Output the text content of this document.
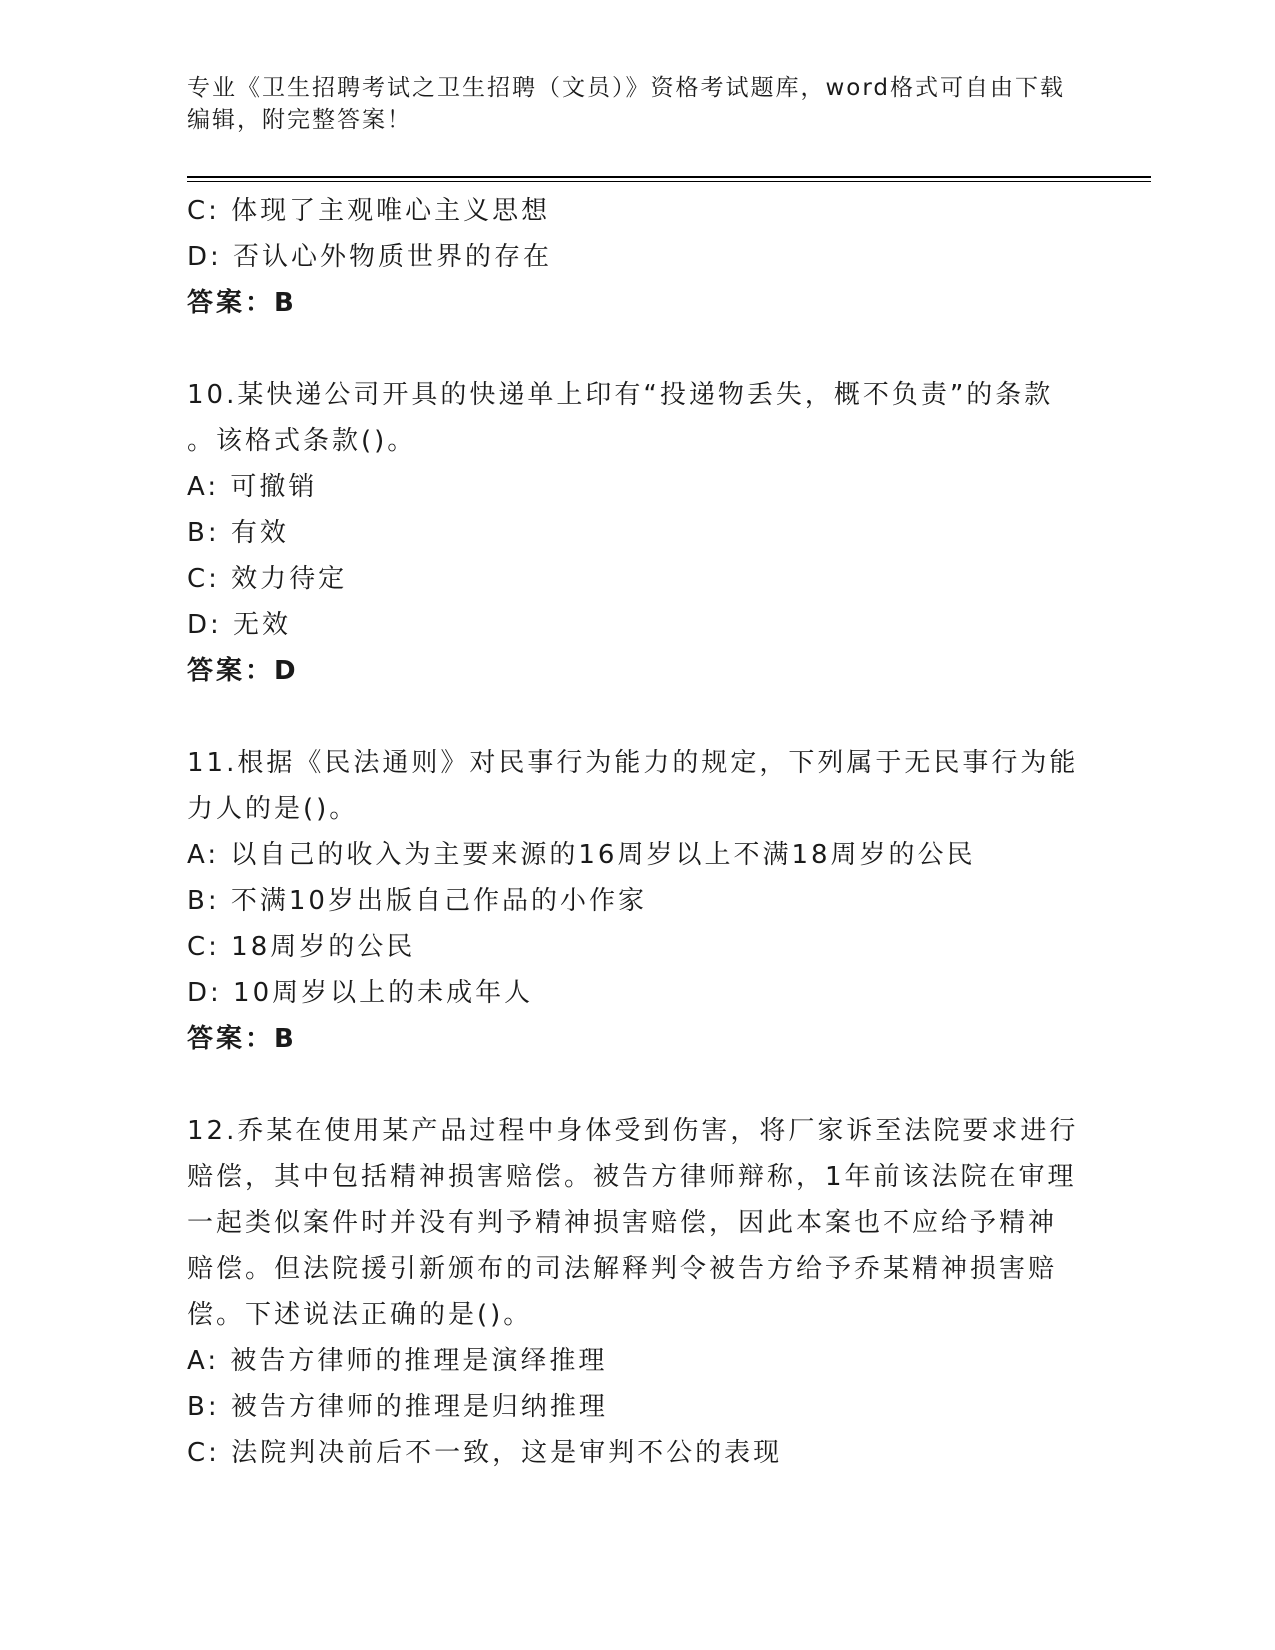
专业《卫生招聘考试之卫生招聘（文员）》资格考试题库，word格式可自由下载
编辑，附完整答案！
C: 体现了主观唯心主义思想
D: 否认心外物质世界的存在
答案：B
10.某快递公司开具的快递单上印有“投递物丢失，概不负责”的条款
。该格式条款()。
A: 可撤销
B: 有效
C: 效力待定
D: 无效
答案：D
11.根据《民法通则》对民事行为能力的规定，下列属于无民事行为能
力人的是()。
A: 以自己的收入为主要来源的16周岁以上不满18周岁的公民
B: 不满10岁出版自己作品的小作家
C: 18周岁的公民
D: 10周岁以上的未成年人
答案：B
12.乔某在使用某产品过程中身体受到伤害，将厂家诉至法院要求进行
赔偿，其中包括精神损害赔偿。被告方律师辩称，1年前该法院在审理
一起类似案件时并没有判予精神损害赔偿，因此本案也不应给予精神
赔偿。但法院援引新颁布的司法解释判令被告方给予乔某精神损害赔
偿。下述说法正确的是()。
A: 被告方律师的推理是演绎推理
B: 被告方律师的推理是归纳推理
C: 法院判决前后不一致，这是审判不公的表现
